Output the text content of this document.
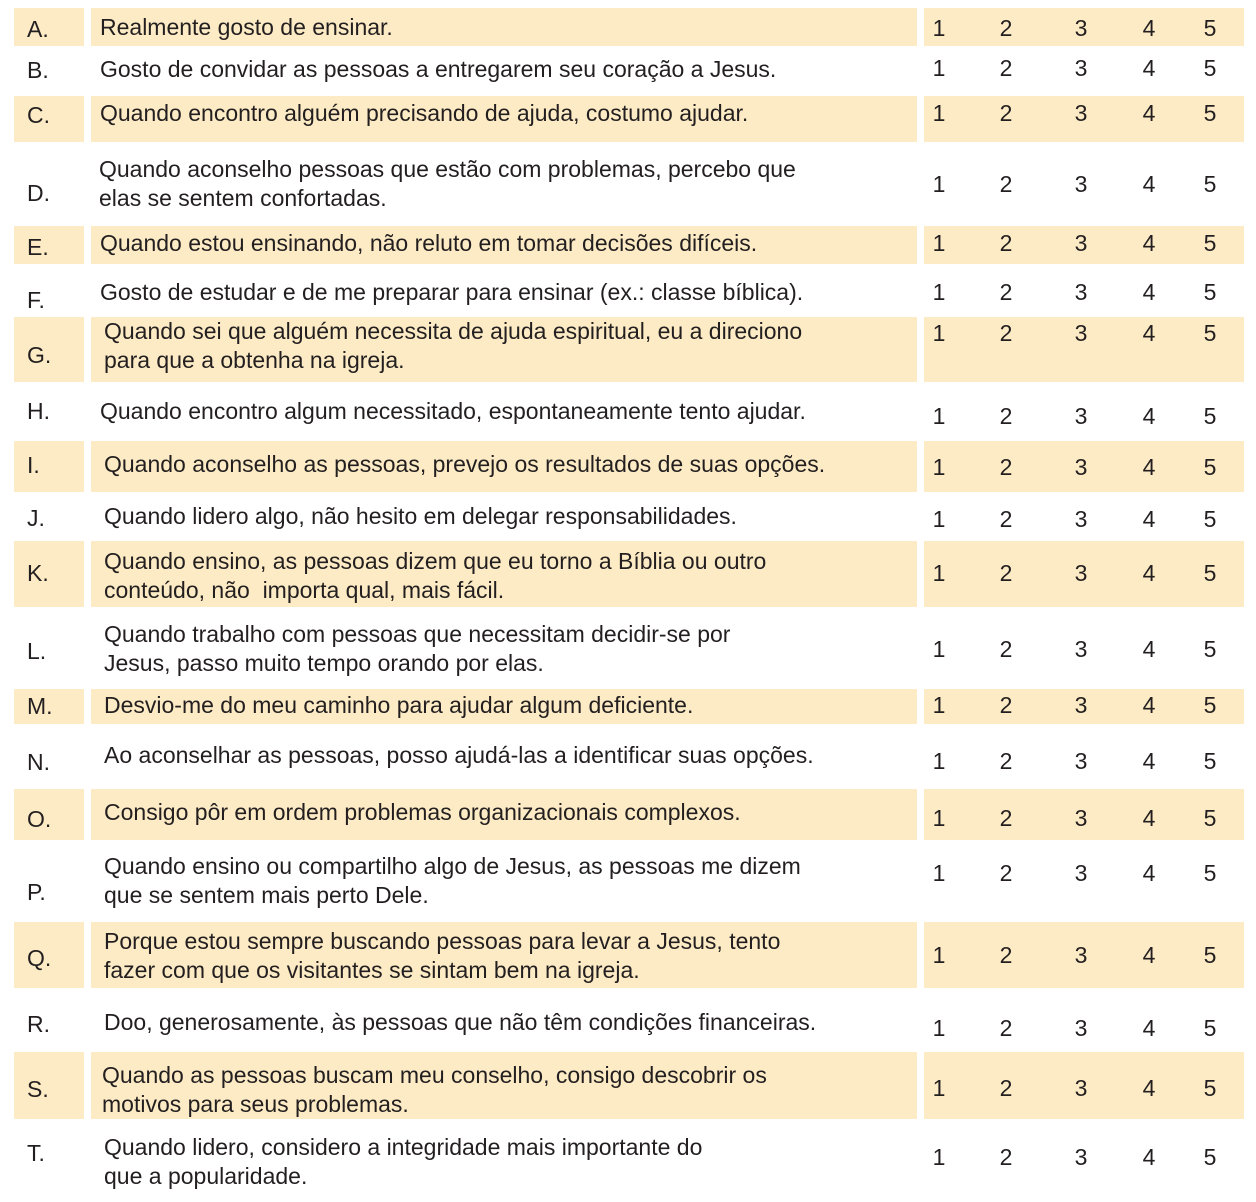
A. Realmente gosto de ensinar.	1 2	3 4 5
B. Gosto de convidar as pessoas a entregarem seu coração a Jesus.	1 2	3 4 5
C. Quando encontro alguém precisando de ajuda, costumo ajudar.	1 2	3 4 5
D.
Quando aconselho pessoas que estão com problemas, percebo que
elas se sentem confortadas.
1 2	3 4 5
E. Quando estou ensinando, não reluto em tomar decisões difíceis.	1 2	3 4 5
F. Gosto de estudar e de me preparar para ensinar (ex.: classe bíblica).	1 2	3 4 5
G.
Quando sei que alguém necessita de ajuda espiritual, eu a direciono
para que a obtenha na igreja.
1 2	3 4 5
H. Quando encontro algum necessitado, espontaneamente tento ajudar.	1 2	3 4 5
I.	Quando aconselho as pessoas, prevejo os resultados de suas opções.	1 2	3 4 5
J.	Quando lidero algo, não hesito em delegar responsabilidades.	1 2	3 4 5
K. Quando ensino, as pessoas dizem que eu torno a Bíblia ou outro
conteúdo, não  importa qual, mais fácil.
1 2	3 4 5
L.
Quando trabalho com pessoas que necessitam decidir-se por
Jesus, passo muito tempo orando por elas.
1 2	3 4 5
M. Desvio-me do meu caminho para ajudar algum deficiente.	1 2	3 4 5
N. Ao aconselhar as pessoas, posso ajudá-las a identificar suas opções.	1 2	3 4 5
O. Consigo pôr em ordem problemas organizacionais complexos.	1 2	3 4 5
P.
Quando ensino ou compartilho algo de Jesus, as pessoas me dizem
que se sentem mais perto Dele.
1 2	3 4 5
Q.
Porque estou sempre buscando pessoas para levar a Jesus, tento
fazer com que os visitantes se sintam bem na igreja.
1 2	3 4 5
R. Doo, generosamente, às pessoas que não têm condições financeiras.	1 2	3 4 5
S.
Quando as pessoas buscam meu conselho, consigo descobrir os
motivos para seus problemas.
1 2	3 4 5
T.	Quando lidero, considero a integridade mais importante do
que a popularidade.
1 2	3 4 5
